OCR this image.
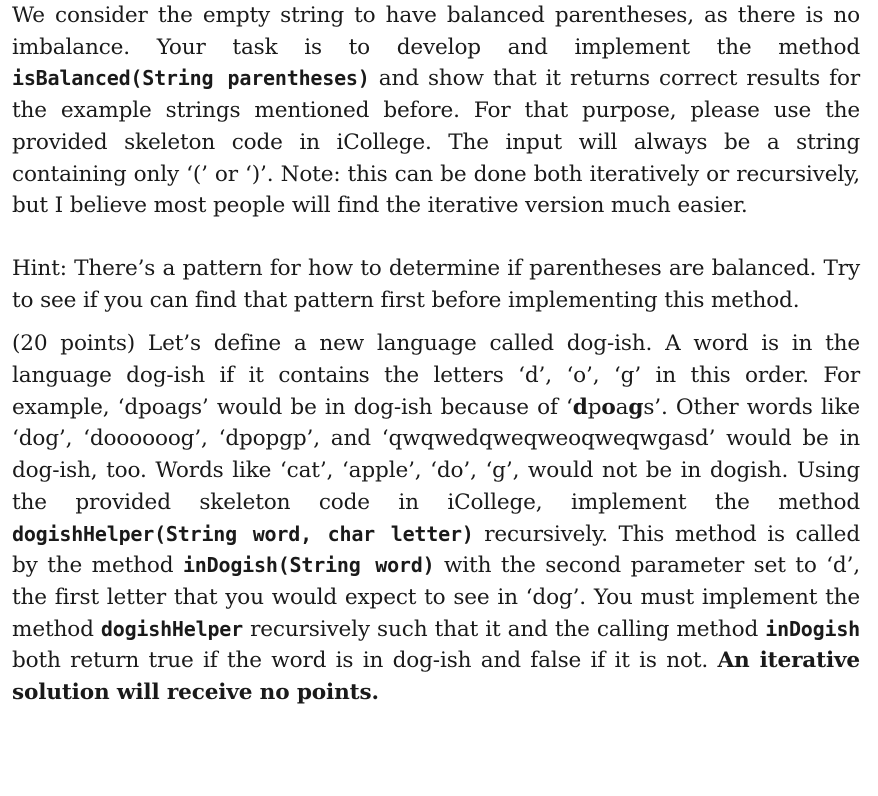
We consider the empty string to have balanced parentheses, as there is no imbalance. Your task is to develop and implement the method isBalanced(String parentheses) and show that it returns correct results for the example strings mentioned before. For that purpose, please use the provided skeleton code in iCollege. The input will always be a string containing only ‘(’ or ‘)’. Note: this can be done both iteratively or recursively, but I believe most people will find the iterative version much easier.

Hint: There’s a pattern for how to determine if parentheses are balanced. Try to see if you can find that pattern first before implementing this method.

(20 points) Let’s define a new language called dog-ish. A word is in the language dog-ish if it contains the letters ‘d’, ‘o’, ‘g’ in this order. For example, ‘dpoags’ would be in dog-ish because of ‘dpoags’. Other words like ‘dog’, ‘doooooog’, ‘dpopgp’, and ‘qwqwedqweqweoqweqwgasd’ would be in dog-ish, too. Words like ‘cat’, ‘apple’, ‘do’, ‘g’, would not be in dogish. Using the provided skeleton code in iCollege, implement the method dogishHelper(String word, char letter) recursively. This method is called by the method inDogish(String word) with the second parameter set to ‘d’, the first letter that you would expect to see in ‘dog’. You must implement the method dogishHelper recursively such that it and the calling method inDogish both return true if the word is in dog-ish and false if it is not. An iterative solution will receive no points.
